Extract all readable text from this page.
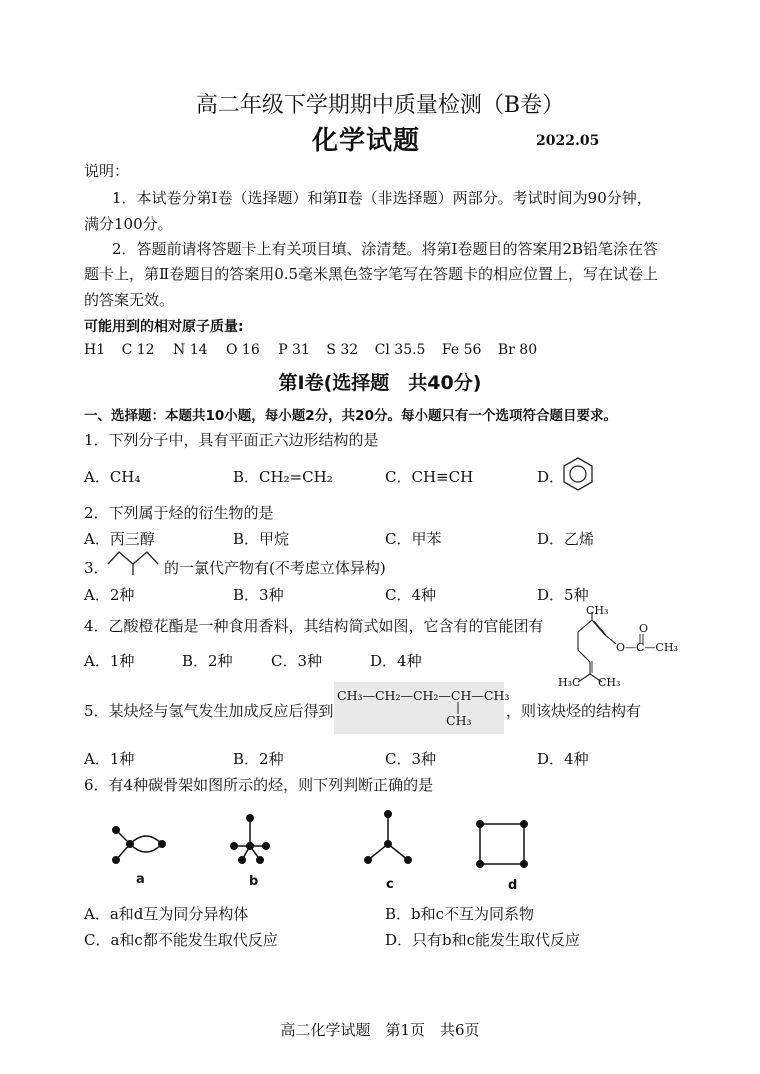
高二年级下学期期中质量检测（B卷）
化学试题	2022.05
说明：
1．本试卷分第Ⅰ卷（选择题）和第Ⅱ卷（非选择题）两部分。考试时间为90分钟，
满分100分。
2．答题前请将答题卡上有关项目填、涂清楚。将第Ⅰ卷题目的答案用2B铅笔涂在答
题卡上，第Ⅱ卷题目的答案用0.5毫米黑色签字笔写在答题卡的相应位置上，写在试卷上
的答案无效。
可能用到的相对原子质量:
H1 C 12 N 14 O 16 P 31 S 32 Cl 35.5 Fe 56 Br 80
第Ⅰ卷(选择题　共40分)
一、选择题：本题共10小题，每小题2分，共20分。每小题只有一个选项符合题目要求。
1．下列分子中，具有平面正六边形结构的是
A．CH₄	B．CH₂=CH₂	C．CH≡CH	D．
2．下列属于烃的衍生物的是
A．丙三醇	B．甲烷	C．甲苯	D．乙烯
3．	的一氯代产物有(不考虑立体异构)
A．2种	B．3种	C．4种	D．5种
4．乙酸橙花酯是一种食用香料，其结构简式如图，它含有的官能团有
A．1种	B．2种	C．3种	D．4种
CH₃
O
O—C—CH₃
H₃C CH₃
5．某炔烃与氢气发生加成反应后得到
CH₃—CH₂—CH₂—CH—CH₃
CH₃
，则该炔烃的结构有
A．1种	B．2种	C．3种	D．4种
6．有4种碳骨架如图所示的烃，则下列判断正确的是
a	b	c	d
A．a和d互为同分异构体	B．b和c不互为同系物
C．a和c都不能发生取代反应	D．只有b和c能发生取代反应
高二化学试题　第1页　共6页
